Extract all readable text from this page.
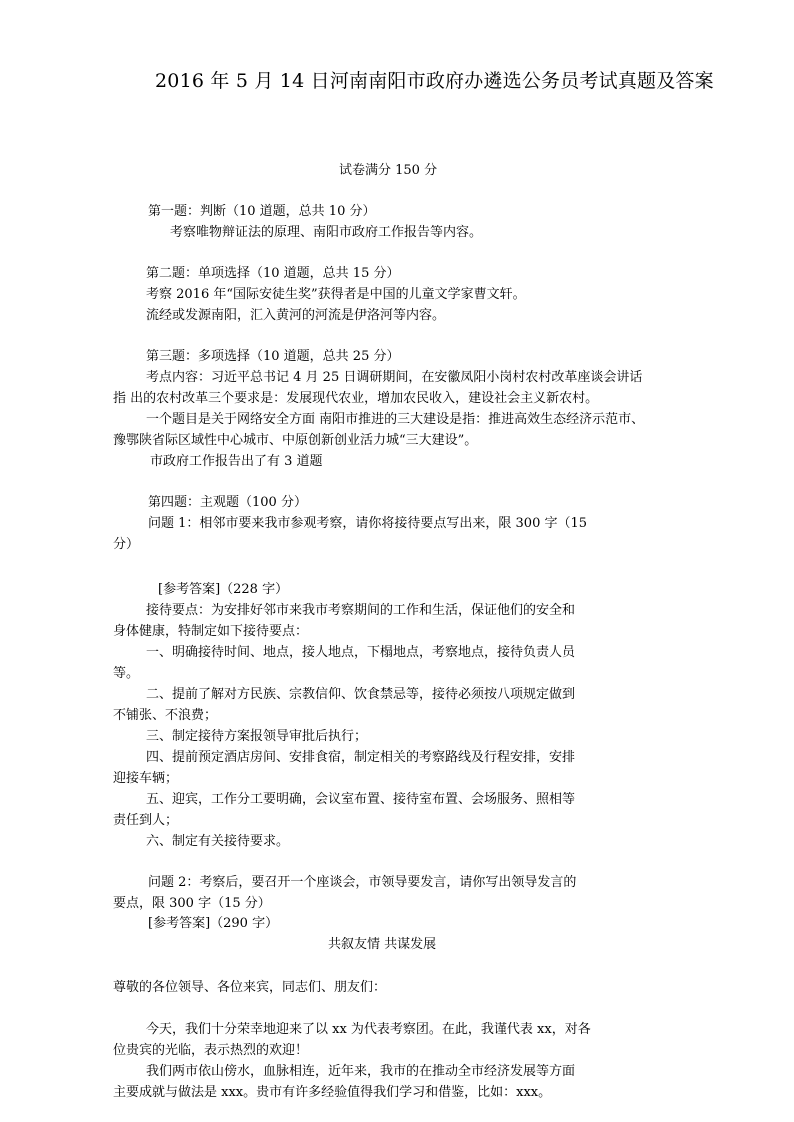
2016 年 5 月 14 日河南南阳市政府办遴选公务员考试真题及答案
试卷满分 150 分
第一题：判断（10 道题，总共 10 分）
考察唯物辩证法的原理、南阳市政府工作报告等内容。
第二题：单项选择（10 道题，总共 15 分）
考察 2016 年“国际安徒生奖”获得者是中国的儿童文学家曹文轩。
流经或发源南阳，汇入黄河的河流是伊洛河等内容。
第三题：多项选择（10 道题，总共 25 分）
考点内容：习近平总书记 4 月 25 日调研期间，在安徽凤阳小岗村农村改革座谈会讲话
指 出的农村改革三个要求是：发展现代农业，增加农民收入，建设社会主义新农村。
一个题目是关于网络安全方面 南阳市推进的三大建设是指：推进高效生态经济示范市、
豫鄂陕省际区域性中心城市、中原创新创业活力城“三大建设”。
市政府工作报告出了有 3 道题
第四题：主观题（100 分）
问题 1：相邻市要来我市参观考察，请你将接待要点写出来，限 300 字（15
分）
[参考答案]（228 字）
接待要点：为安排好邻市来我市考察期间的工作和生活，保证他们的安全和
身体健康，特制定如下接待要点：
一、明确接待时间、地点，接人地点，下榻地点，考察地点，接待负责人员
等。
二、提前了解对方民族、宗教信仰、饮食禁忌等，接待必须按八项规定做到
不铺张、不浪费；
三、制定接待方案报领导审批后执行；
四、提前预定酒店房间、安排食宿，制定相关的考察路线及行程安排，安排
迎接车辆；
五、迎宾，工作分工要明确，会议室布置、接待室布置、会场服务、照相等
责任到人；
六、制定有关接待要求。
问题 2：考察后，要召开一个座谈会，市领导要发言，请你写出领导发言的
要点，限 300 字（15 分）
[参考答案]（290 字）
共叙友情 共谋发展
尊敬的各位领导、各位来宾，同志们、朋友们：
今天，我们十分荣幸地迎来了以 xx 为代表考察团。在此，我谨代表 xx，对各
位贵宾的光临，表示热烈的欢迎！
我们两市依山傍水，血脉相连，近年来，我市的在推动全市经济发展等方面
主要成就与做法是 xxx。贵市有许多经验值得我们学习和借鉴，比如：xxx。
